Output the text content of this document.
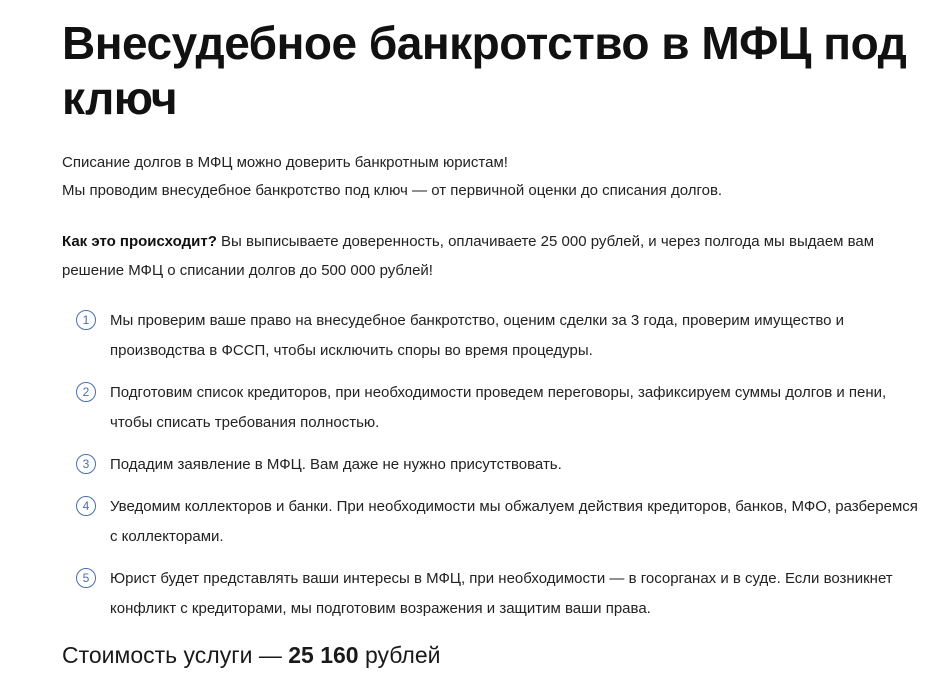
Внесудебное банкротство в МФЦ под ключ

Списание долгов в МФЦ можно доверить банкротным юристам!

Мы проводим внесудебное банкротство под ключ — от первичной оценки до списания долгов.

Как это происходит? Вы выписываете доверенность, оплачиваете 25 000 рублей, и через полгода мы выдаем вам решение МФЦ о списании долгов до 500 000 рублей!

1	Мы проверим ваше право на внесудебное банкротство, оценим сделки за 3 года, проверим имущество и производства в ФССП, чтобы исключить споры во время процедуры.
2	Подготовим список кредиторов, при необходимости проведем переговоры, зафиксируем суммы долгов и пени, чтобы списать требования полностью.
3	Подадим заявление в МФЦ. Вам даже не нужно присутствовать.
4	Уведомим коллекторов и банки. При необходимости мы обжалуем действия кредиторов, банков, МФО, разберемся с коллекторами.
5	Юрист будет представлять ваши интересы в МФЦ, при необходимости — в госорганах и в суде. Если возникнет конфликт с кредиторами, мы подготовим возражения и защитим ваши права.
Стоимость услуги — 25 160 рублей
